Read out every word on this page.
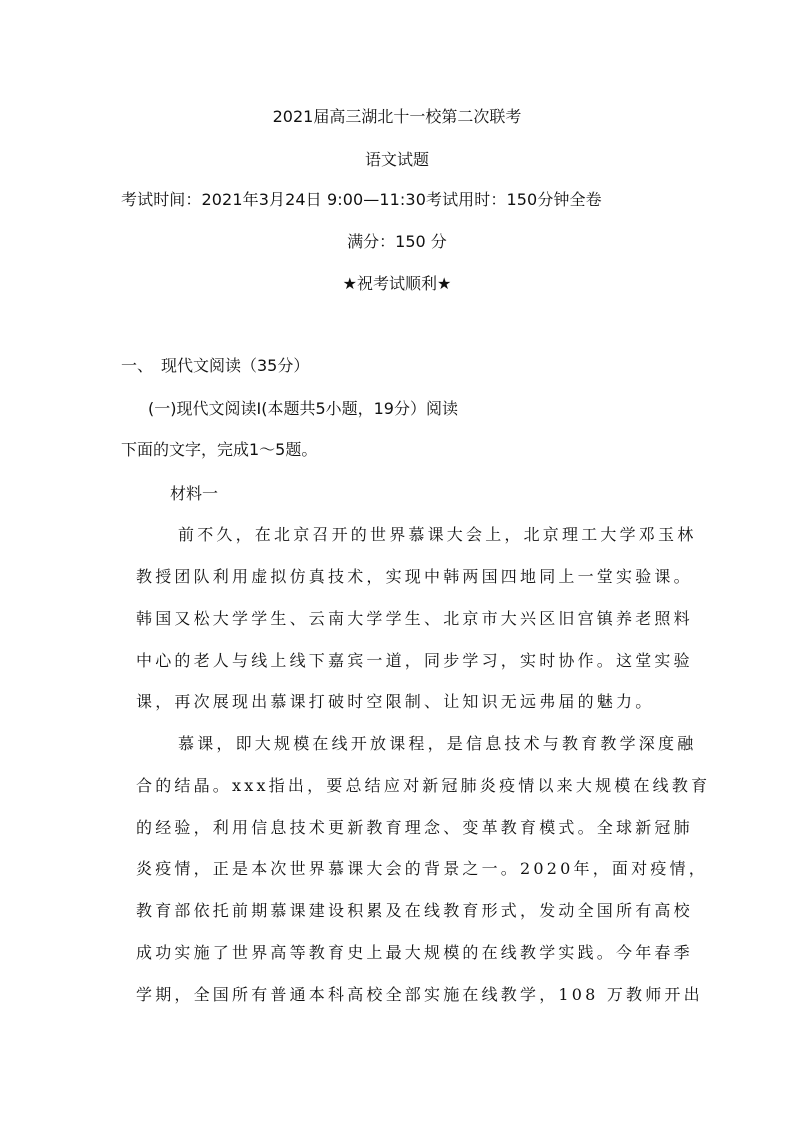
2021届高三湖北十一校第二次联考
语文试题
考试时间：2021年3月24日 9:00—11:30考试用时：150分钟全卷
满分：150 分
★祝考试顺利★
一、　现代文阅读（35分）
(一)现代文阅读Ⅰ(本题共5小题，19分）阅读
下面的文字，完成1～5题。
材料一
前不久，在北京召开的世界慕课大会上，北京理工大学邓玉林
教授团队利用虚拟仿真技术，实现中韩两国四地同上一堂实验课。
韩国又松大学学生、云南大学学生、北京市大兴区旧宫镇养老照料
中心的老人与线上线下嘉宾一道，同步学习，实时协作。这堂实验
课，再次展现出慕课打破时空限制、让知识无远弗届的魅力。
慕课，即大规模在线开放课程，是信息技术与教育教学深度融
合的结晶。xxx指出，要总结应对新冠肺炎疫情以来大规模在线教育
的经验，利用信息技术更新教育理念、变革教育模式。全球新冠肺
炎疫情，正是本次世界慕课大会的背景之一。2020年，面对疫情，
教育部依托前期慕课建设积累及在线教育形式，发动全国所有高校
成功实施了世界高等教育史上最大规模的在线教学实践。今年春季
学期，全国所有普通本科高校全部实施在线教学，108 万教师开出
